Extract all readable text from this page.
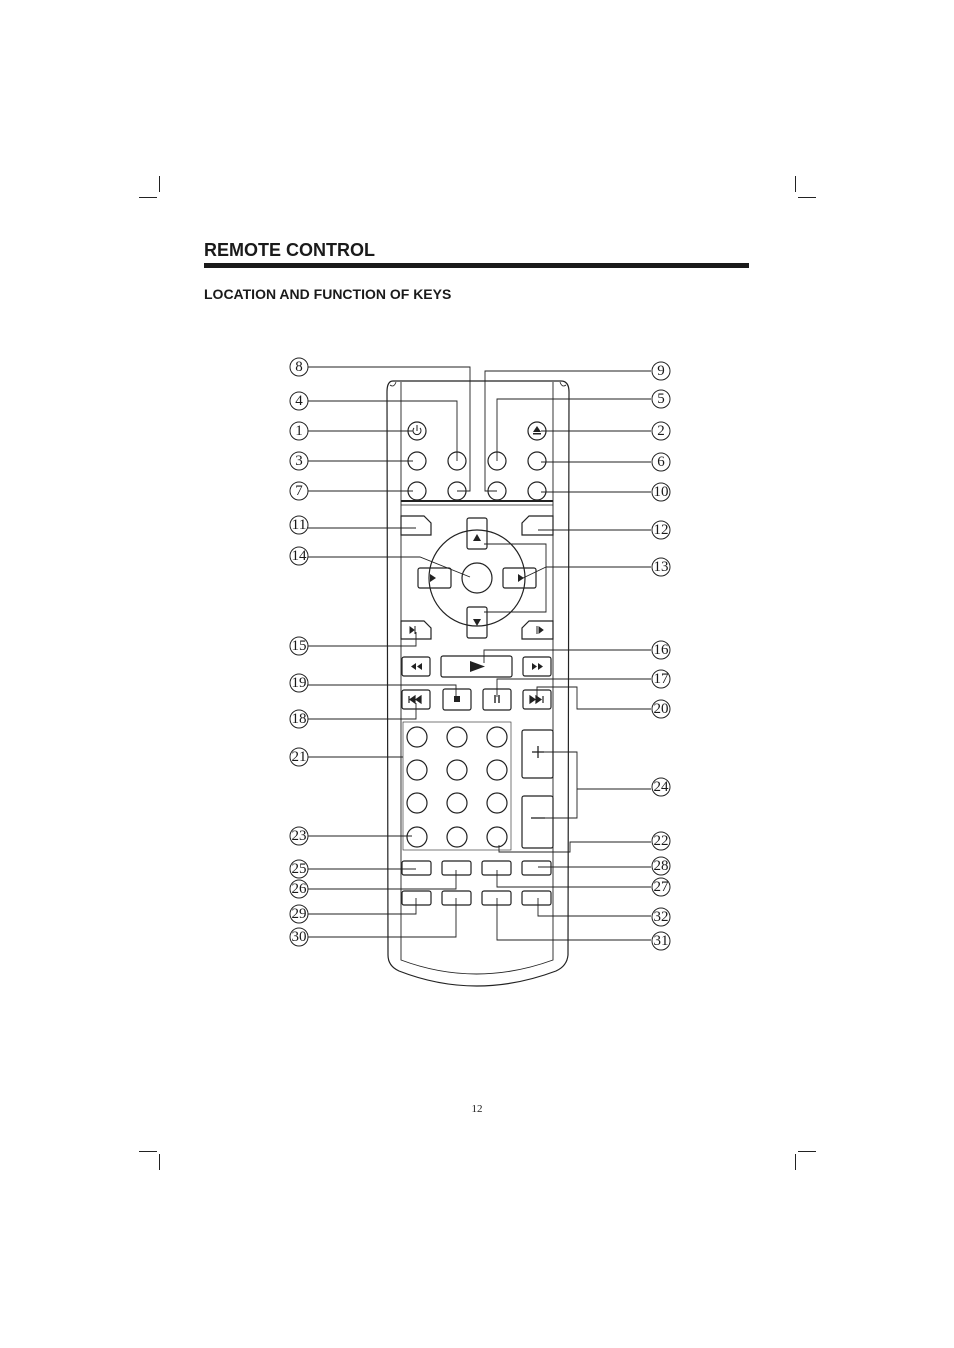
REMOTE CONTROL
LOCATION AND FUNCTION OF KEYS
8
4
1
3
7
11
14
15
19
18
21
23
25
26
29
30
9
5
2
6
10
12
13
16
17
20
24
22
28
27
32
31
12
